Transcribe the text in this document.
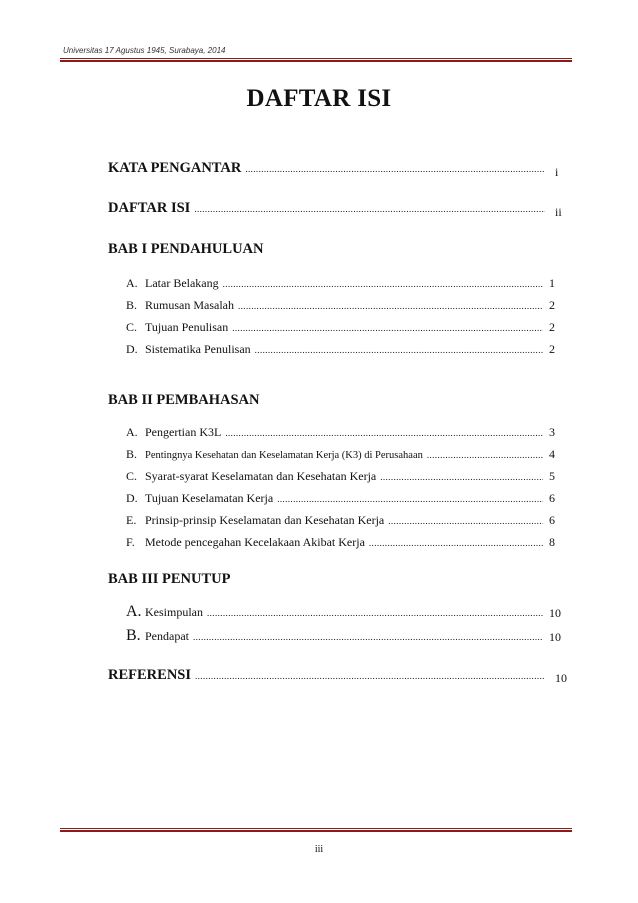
Universitas 17 Agustus 1945, Surabaya, 2014
DAFTAR ISI
KATA PENGANTAR .....	i
DAFTAR ISI .....	ii
BAB I PENDAHULUAN
A. Latar Belakang .....	1
B. Rumusan Masalah .....	2
C. Tujuan Penulisan .....	2
D. Sistematika Penulisan .....	2
BAB II PEMBAHASAN
A. Pengertian K3L .....	3
B. Pentingnya Kesehatan dan Keselamatan Kerja (K3) di Perusahaan .....	4
C. Syarat-syarat Keselamatan dan Kesehatan Kerja .....	5
D. Tujuan Keselamatan Kerja .....	6
E. Prinsip-prinsip Keselamatan dan Kesehatan Kerja .....	6
F. Metode pencegahan Kecelakaan Akibat Kerja .....	8
BAB III PENUTUP
A. Kesimpulan .....	10
B. Pendapat .....	10
REFERENSI .....	10
iii
